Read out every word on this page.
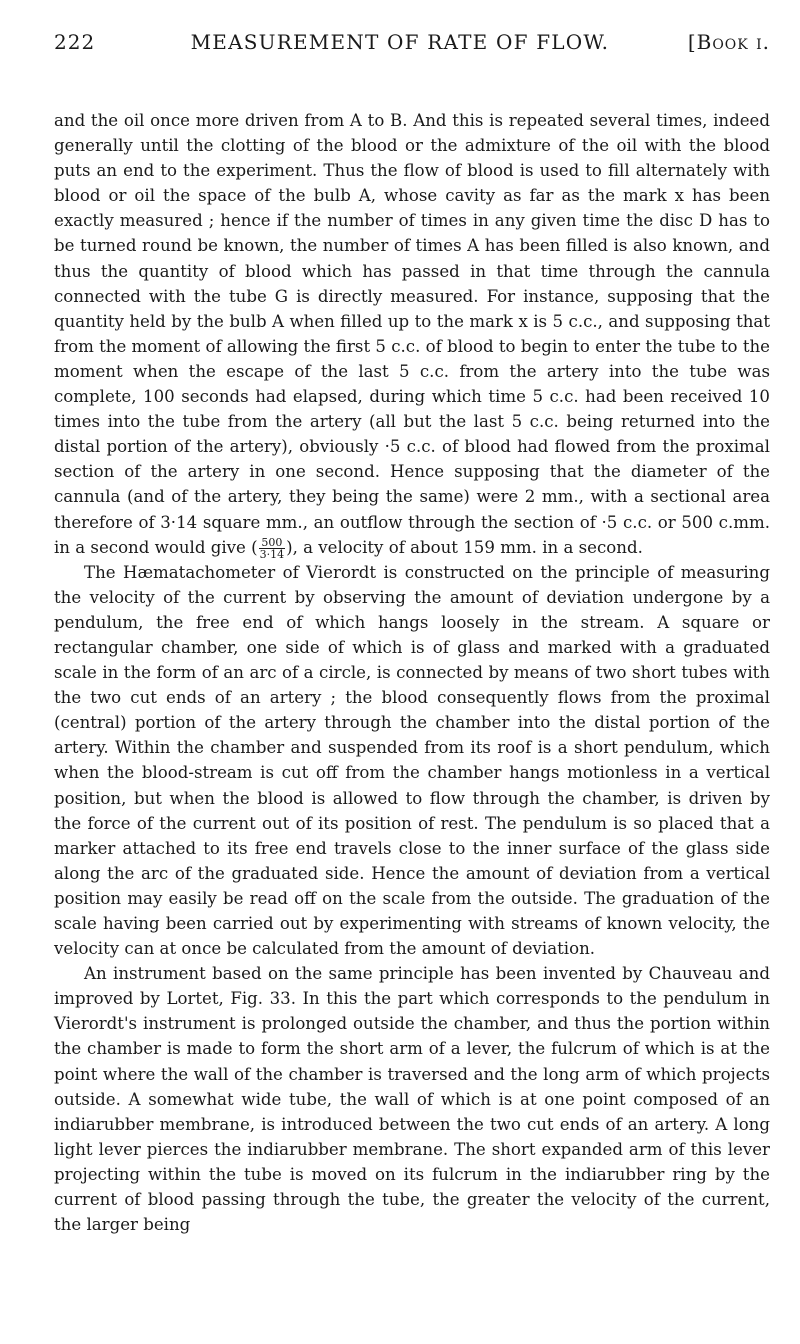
222	MEASUREMENT OF RATE OF FLOW.	[Book i.

and the oil once more driven from A to B. And this is repeated several times, indeed generally until the clotting of the blood or the admixture of the oil with the blood puts an end to the experiment. Thus the flow of blood is used to fill alternately with blood or oil the space of the bulb A, whose cavity as far as the mark x has been exactly measured ; hence if the number of times in any given time the disc D has to be turned round be known, the number of times A has been filled is also known, and thus the quantity of blood which has passed in that time through the cannula connected with the tube G is directly measured. For instance, supposing that the quantity held by the bulb A when filled up to the mark x is 5 c.c., and supposing that from the moment of allowing the first 5 c.c. of blood to begin to enter the tube to the moment when the escape of the last 5 c.c. from the artery into the tube was complete, 100 seconds had elapsed, during which time 5 c.c. had been received 10 times into the tube from the artery (all but the last 5 c.c. being returned into the distal portion of the artery), obviously ·5 c.c. of blood had flowed from the proximal section of the artery in one second. Hence supposing that the diameter of the cannula (and of the artery, they being the same) were 2 mm., with a sectional area therefore of 3·14 square mm., an outflow through the section of ·5 c.c. or 500 c.mm. in a second would give ( $\frac{500}{3\cdot 14}$ ), a velocity of about 159 mm. in a second.

The Hæmatachometer of Vierordt is constructed on the principle of measuring the velocity of the current by observing the amount of deviation undergone by a pendulum, the free end of which hangs loosely in the stream. A square or rectangular chamber, one side of which is of glass and marked with a graduated scale in the form of an arc of a circle, is connected by means of two short tubes with the two cut ends of an artery ; the blood consequently flows from the proximal (central) portion of the artery through the chamber into the distal portion of the artery. Within the chamber and suspended from its roof is a short pendulum, which when the blood-stream is cut off from the chamber hangs motionless in a vertical position, but when the blood is allowed to flow through the chamber, is driven by the force of the current out of its position of rest. The pendulum is so placed that a marker attached to its free end travels close to the inner surface of the glass side along the arc of the graduated side. Hence the amount of deviation from a vertical position may easily be read off on the scale from the outside. The graduation of the scale having been carried out by experimenting with streams of known velocity, the velocity can at once be calculated from the amount of deviation.

An instrument based on the same principle has been invented by Chauveau and improved by Lortet, Fig. 33. In this the part which corresponds to the pendulum in Vierordt's instrument is prolonged outside the chamber, and thus the portion within the chamber is made to form the short arm of a lever, the fulcrum of which is at the point where the wall of the chamber is traversed and the long arm of which projects outside. A somewhat wide tube, the wall of which is at one point composed of an indiarubber membrane, is introduced between the two cut ends of an artery. A long light lever pierces the indiarubber membrane. The short expanded arm of this lever projecting within the tube is moved on its fulcrum in the indiarubber ring by the current of blood passing through the tube, the greater the velocity of the current, the larger being
